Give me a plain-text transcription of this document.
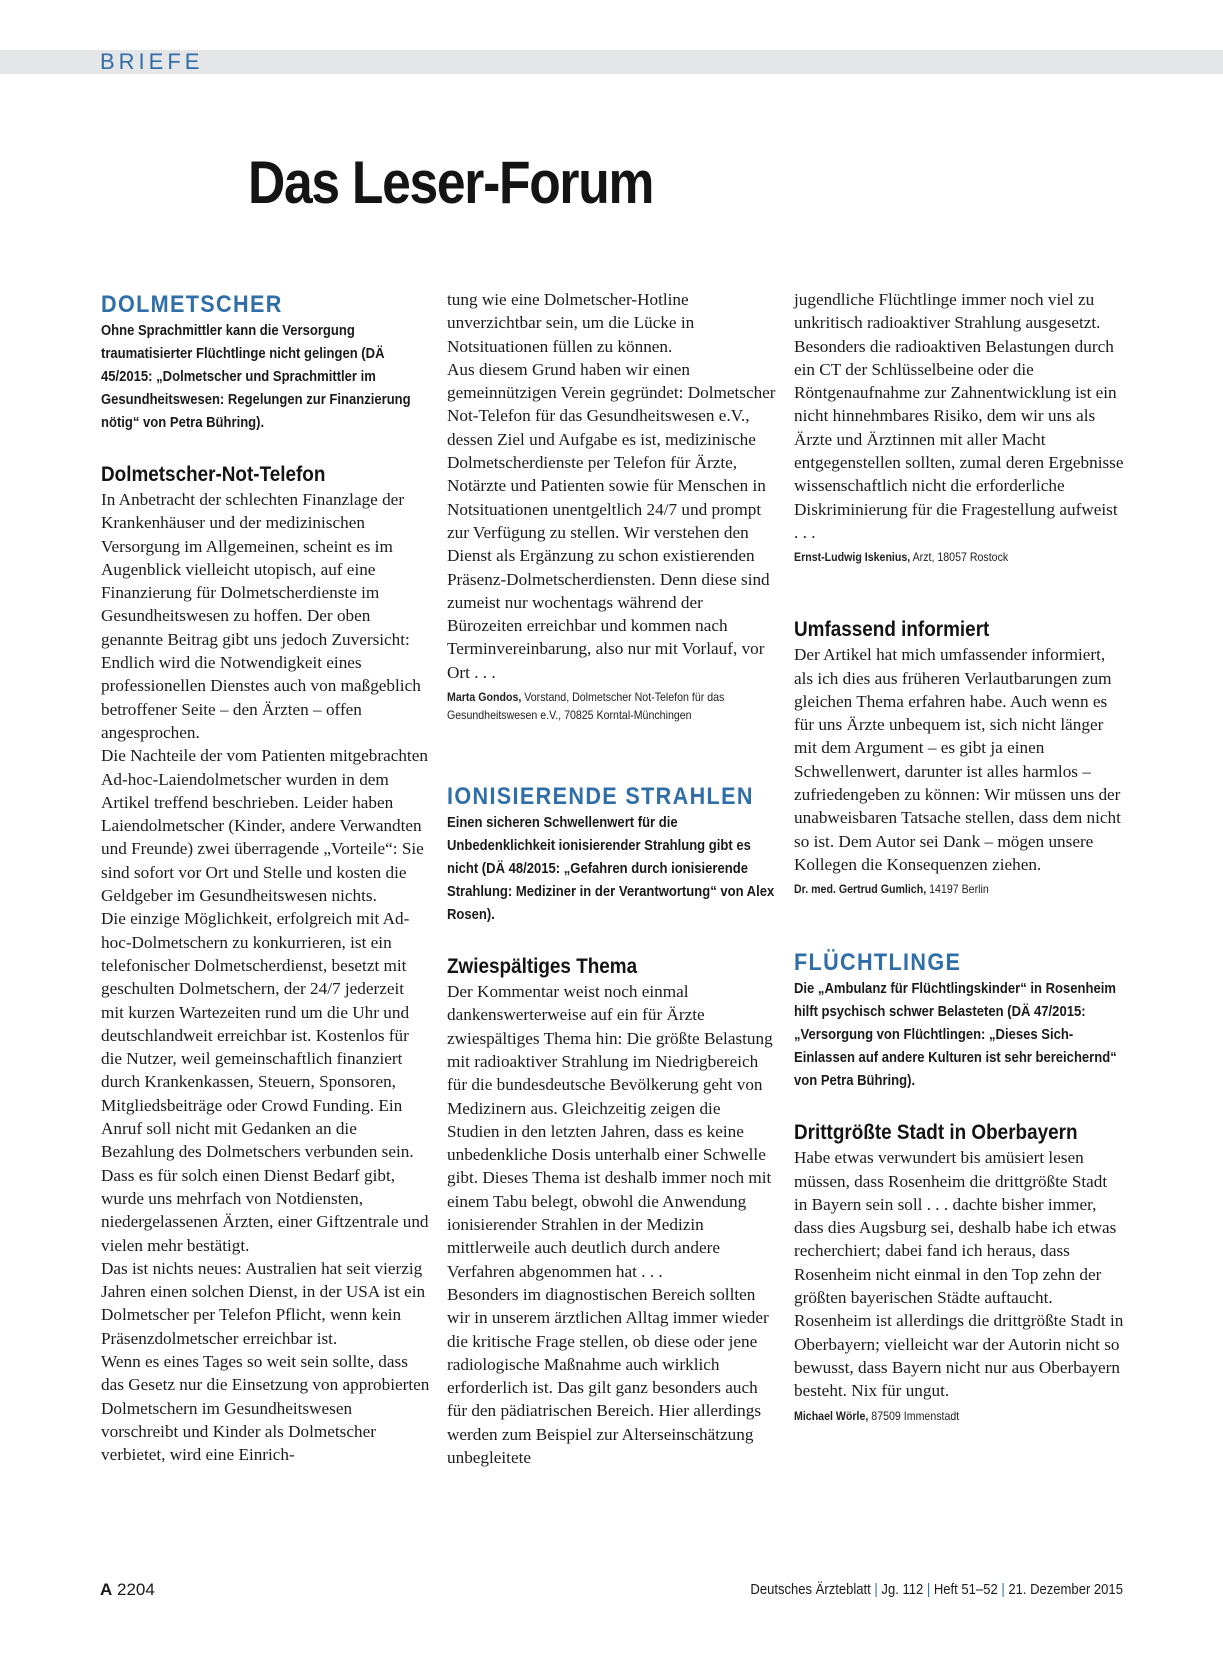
BRIEFE
Das Leser-Forum
DOLMETSCHER

Ohne Sprachmittler kann die Versorgung traumatisierter Flüchtlinge nicht gelingen (DÄ 45/2015: „Dolmetscher und Sprachmittler im Gesundheitswesen: Regelungen zur Finanzierung nötig“ von Petra Bühring).

Dolmetscher-Not-Telefon

In Anbetracht der schlechten Finanzlage der Krankenhäuser und der medizinischen Versorgung im Allgemeinen, scheint es im Augenblick vielleicht utopisch, auf eine Finanzierung für Dolmetscherdienste im Gesundheitswesen zu hoffen. Der oben genannte Beitrag gibt uns jedoch Zuversicht: Endlich wird die Notwendigkeit eines professionellen Dienstes auch von maßgeblich betroffener Seite – den Ärzten – offen angesprochen.
Die Nachteile der vom Patienten mitgebrachten Ad-hoc-Laiendolmetscher wurden in dem Artikel treffend beschrieben. Leider haben Laiendolmetscher (Kinder, andere Verwandten und Freunde) zwei überragende „Vorteile“: Sie sind sofort vor Ort und Stelle und kosten die Geldgeber im Gesundheitswesen nichts.
Die einzige Möglichkeit, erfolgreich mit Ad-hoc-Dolmetschern zu konkurrieren, ist ein telefonischer Dolmetscherdienst, besetzt mit geschulten Dolmetschern, der 24/7 jederzeit mit kurzen Wartezeiten rund um die Uhr und deutschlandweit erreichbar ist. Kostenlos für die Nutzer, weil gemeinschaftlich finanziert durch Krankenkassen, Steuern, Sponsoren, Mitgliedsbeiträge oder Crowd Funding. Ein Anruf soll nicht mit Gedanken an die Bezahlung des Dolmetschers verbunden sein. Dass es für solch einen Dienst Bedarf gibt, wurde uns mehrfach von Notdiensten, niedergelassenen Ärzten, einer Giftzentrale und vielen mehr bestätigt.
Das ist nichts neues: Australien hat seit vierzig Jahren einen solchen Dienst, in der USA ist ein Dolmetscher per Telefon Pflicht, wenn kein Präsenzdolmetscher erreichbar ist.
Wenn es eines Tages so weit sein sollte, dass das Gesetz nur die Einsetzung von approbierten Dolmetschern im Gesundheitswesen vorschreibt und Kinder als Dolmetscher verbietet, wird eine Einrich-

tung wie eine Dolmetscher-Hotline unverzichtbar sein, um die Lücke in Notsituationen füllen zu können.
Aus diesem Grund haben wir einen gemeinnützigen Verein gegründet: Dolmetscher Not-Telefon für das Gesundheitswesen e.V., dessen Ziel und Aufgabe es ist, medizinische Dolmetscherdienste per Telefon für Ärzte, Notärzte und Patienten sowie für Menschen in Notsituationen unentgeltlich 24/7 und prompt zur Verfügung zu stellen. Wir verstehen den Dienst als Ergänzung zu schon existierenden Präsenz-Dolmetscherdiensten. Denn diese sind zumeist nur wochentags während der Bürozeiten erreichbar und kommen nach Terminvereinbarung, also nur mit Vorlauf, vor Ort . . .

Marta Gondos, Vorstand, Dolmetscher Not-Telefon für das Gesundheitswesen e.V., 70825 Korntal-Münchingen

IONISIERENDE STRAHLEN

Einen sicheren Schwellenwert für die Unbedenklichkeit ionisierender Strahlung gibt es nicht (DÄ 48/2015: „Gefahren durch ionisierende Strahlung: Mediziner in der Verantwortung“ von Alex Rosen).

Zwiespältiges Thema

Der Kommentar weist noch einmal dankenswerterweise auf ein für Ärzte zwiespältiges Thema hin: Die größte Belastung mit radioaktiver Strahlung im Niedrigbereich für die bundesdeutsche Bevölkerung geht von Medizinern aus. Gleichzeitig zeigen die Studien in den letzten Jahren, dass es keine unbedenkliche Dosis unterhalb einer Schwelle gibt. Dieses Thema ist deshalb immer noch mit einem Tabu belegt, obwohl die Anwendung ionisierender Strahlen in der Medizin mittlerweile auch deutlich durch andere Verfahren abgenommen hat . . .
Besonders im diagnostischen Bereich sollten wir in unserem ärztlichen Alltag immer wieder die kritische Frage stellen, ob diese oder jene radiologische Maßnahme auch wirklich erforderlich ist. Das gilt ganz besonders auch für den pädiatrischen Bereich. Hier allerdings werden zum Beispiel zur Alterseinschätzung unbegleitete

jugendliche Flüchtlinge immer noch viel zu unkritisch radioaktiver Strahlung ausgesetzt. Besonders die radioaktiven Belastungen durch ein CT der Schlüsselbeine oder die Röntgenaufnahme zur Zahnentwicklung ist ein nicht hinnehmbares Risiko, dem wir uns als Ärzte und Ärztinnen mit aller Macht entgegenstellen sollten, zumal deren Ergebnisse wissenschaftlich nicht die erforderliche Diskriminierung für die Fragestellung aufweist . . .

Ernst-Ludwig Iskenius, Arzt, 18057 Rostock

Umfassend informiert

Der Artikel hat mich umfassender informiert, als ich dies aus früheren Verlautbarungen zum gleichen Thema erfahren habe. Auch wenn es für uns Ärzte unbequem ist, sich nicht länger mit dem Argument – es gibt ja einen Schwellenwert, darunter ist alles harmlos – zufriedengeben zu können: Wir müssen uns der unabweisbaren Tatsache stellen, dass dem nicht so ist. Dem Autor sei Dank – mögen unsere Kollegen die Konsequenzen ziehen.

Dr. med. Gertrud Gumlich, 14197 Berlin

FLÜCHTLINGE

Die „Ambulanz für Flüchtlingskinder“ in Rosenheim hilft psychisch schwer Belasteten (DÄ 47/2015: „Versorgung von Flüchtlingen: „Dieses Sich-Einlassen auf andere Kulturen ist sehr bereichernd“ von Petra Bühring).

Drittgrößte Stadt in Oberbayern

Habe etwas verwundert bis amüsiert lesen müssen, dass Rosenheim die drittgrößte Stadt in Bayern sein soll . . . dachte bisher immer, dass dies Augsburg sei, deshalb habe ich etwas recherchiert; dabei fand ich heraus, dass Rosenheim nicht einmal in den Top zehn der größten bayerischen Städte auftaucht.
Rosenheim ist allerdings die drittgrößte Stadt in Oberbayern; vielleicht war der Autorin nicht so bewusst, dass Bayern nicht nur aus Oberbayern besteht. Nix für ungut.

Michael Wörle, 87509 Immenstadt

A 2204	Deutsches Ärzteblatt | Jg. 112 | Heft 51–52 | 21. Dezember 2015
